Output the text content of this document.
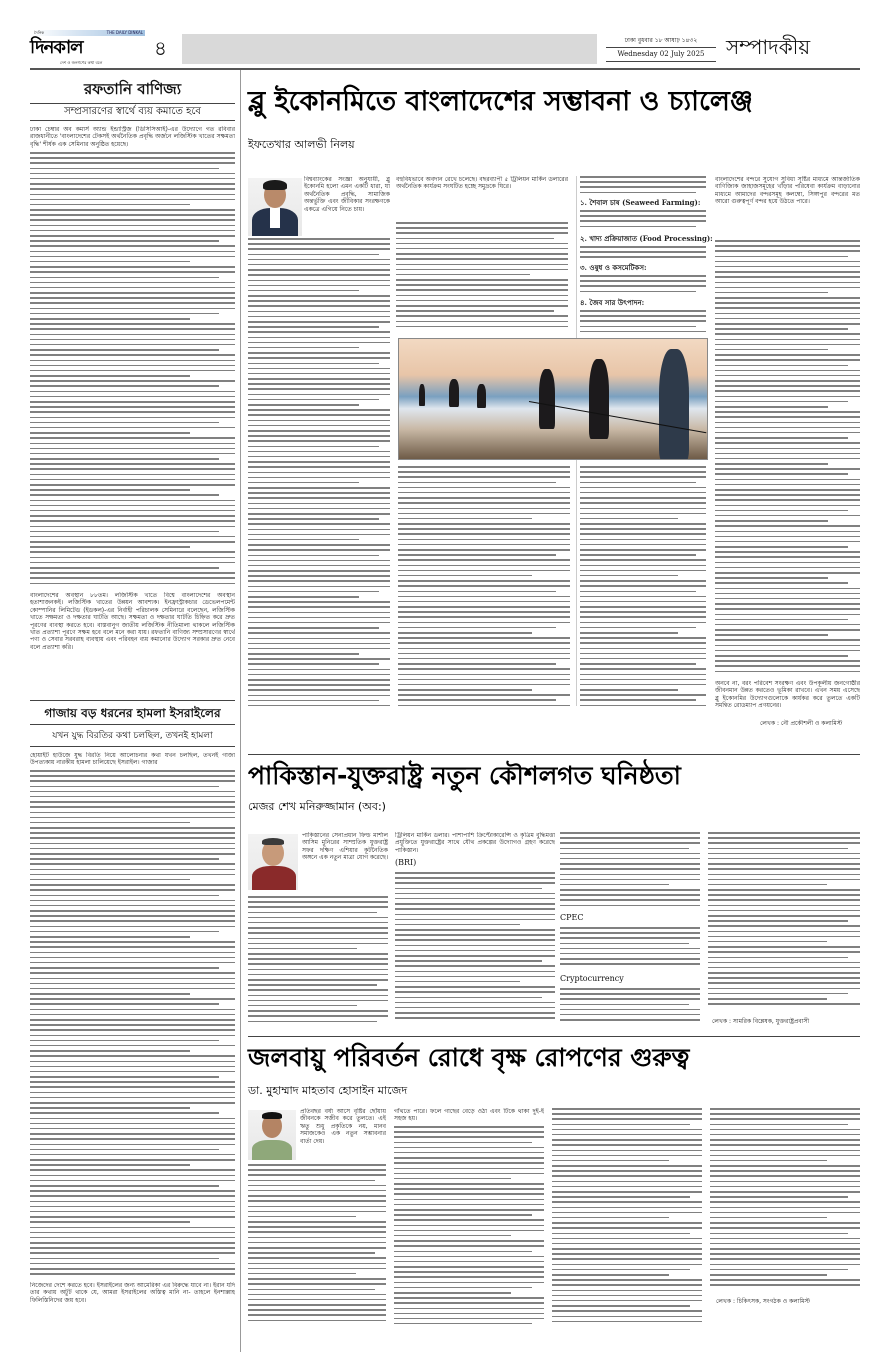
দৈনিক	THE DAILY DINKAL
দিনকাল
দেশ ও জনগণের কথা বলে
৪	ঢাকা বুধবার ১৮ আষাঢ় ১৪৩২
Wednesday 02 July 2025	সম্পাদকীয়
রফতানি বাণিজ্য
সম্প্রসারণের স্বার্থে ব্যয় কমাতে হবে
ঢাকা চেম্বার অব কমার্স অ্যান্ড ইন্ডাস্ট্রিজ (ডিসিসিআই)-এর উদ্যোগে গত রবিবার রাজধানীতে 'বাংলাদেশের টেকসই অর্থনৈতিক প্রবৃদ্ধি অর্জনে লজিস্টিক খাতের সক্ষমতা বৃদ্ধি' শীর্ষক এক সেমিনার অনুষ্ঠিত হয়েছে।
বাংলাদেশের অবস্থান ৮৮তম। লজিস্টিক খাতে বিশ্বে বাংলাদেশের অবস্থান হতাশাজনকই। লজিস্টিক খাতের উন্নয়ন আবশ্যক। ইনফ্রাস্ট্রাকচার ডেভেলপমেন্ট কোম্পানির লিমিটেড (ইডকল)-এর নির্বাহী পরিচালক সেমিনারে বলেছেন, লজিস্টিক খাতে সক্ষমতা ও দক্ষতার ঘাটতি আছে। সক্ষমতা ও দক্ষতার ঘাটতি চিহ্নিত করে দ্রুত পূরণের ব্যবস্থা করতে হবে। বাস্তবানুগ জাতীয় লজিস্টিক নীতিমালা থাকলে লজিস্টিক খাত প্রত্যাশা পূরণে সক্ষম হবে বলে মনে করা যায়। রফতানি বাণিজ্য সম্প্রসারণের স্বার্থে পণ্য ও সেবার সরবরাহ ব্যবস্থায় এবং পরিবহন ব্যয় কমানোর উদ্যোগ সরকার দ্রুত নেবে বলে প্রত্যাশা করি।
গাজায় বড় ধরনের হামলা ইসরাইলের
যখন যুদ্ধ বিরতির কথা চলছিল, তখনই হামলা
হোয়াইট হাউজে যুদ্ধ বিরতি নিয়ে আলোচনার কথা যখন চলছিল, তখনই গাজা উপত্যকায় নারকীয় হামলা চালিয়েছে ইসরাইল। গাজার
নিজেদের দেশে করতে হবে। ইসরাইলের জন্য আমেরিকা এর বিরুদ্ধে যাবে না। ইরান যদি তার কথায় অটুট থাকে যে, আমরা ইসরাইলের অস্তিত্ব মানি না- তাহলে ইনশাল্লাহ ফিলিস্তিনিদের জয় হবে।
ব্লু ইকোনমিতে বাংলাদেশের সম্ভাবনা ও চ্যালেঞ্জ
ইফতেখার আলভী নিলয়
বিশ্বব্যাংকের সংজ্ঞা অনুযায়ী, ব্লু ইকোনমি হলো এমন একটি ধারা, যা অর্থনৈতিক প্রবৃদ্ধি, সামাজিক অন্তর্ভুক্তি এবং জীবিকার সংরক্ষণকে একত্রে এগিয়ে নিতে চায়।
বহুবিধভাবে অবদান রেখে চলেছে। বছরব্যাপী ৫ ট্রিলিয়ন মার্কিন ডলারের অর্থনৈতিক কার্যক্রম সংঘটিত হচ্ছে সমুদ্রকে ঘিরে।
১. শৈবাল চাষ (Seaweed Farming):
২. খাদ্য প্রক্রিয়াজাত (Food Processing):
৩. ওষুধ ও কসমেটিকস:
৪. জৈব সার উৎপাদন:
বাংলাদেশের বন্দরে সুযোগ সুবিধা সৃষ্টির মাধ্যমে আন্তর্জাতিক বাণিজ্যিক জাহাজসমূহের খাঁড়ার পরিষেবা কার্যক্রম বাড়ানোর মাধ্যমে আমাদের বন্দরসমূহ কলম্বো, সিঙ্গাপুর বন্দরের মত আরো গুরুত্বপূর্ণ বন্দর হয়ে উঠতে পারে।
অনবে না, বরং পরিবেশ সংরক্ষণ এবং উপকূলীয় জনগোষ্ঠীর জীবনমান উন্নত করতেও ভূমিকা রাখবে। এখন সময় এসেছে ব্লু ইকোনমির উদ্যোগগুলোকে কার্যকর করে তুলতে একটি সমন্বিত রোডম্যাপ প্রণয়নের।
লেখক : নৌ প্রকৌশলী ও কলামিস্ট
পাকিস্তান-যুক্তরাষ্ট্র নতুন কৌশলগত ঘনিষ্ঠতা
মেজর শেখ মনিরুজ্জামান (অব:)
পাকিস্তানের সেনাপ্রধান ফিল্ড মার্শাল আসিম মুনিরের সাম্প্রতিক যুক্তরাষ্ট্র সফর দক্ষিণ এশিয়ার কূটনৈতিক অঙ্গনে এক নতুন মাত্রা যোগ করেছে।
ট্রিলিয়ন মার্কিন ডলার। পাশাপাশি ক্রিপ্টোকারেন্সি ও কৃত্রিম বুদ্ধিমত্তা প্রযুক্তিতে যুক্তরাষ্ট্রের সাথে যৌথ প্রকল্পের উদ্যোগও গ্রহণ করেছে পাকিস্তান।
(BRI)
CPEC
Cryptocurrency
লেখক : সামরিক বিশ্লেষক, যুক্তরাষ্ট্রপ্রবাসী
জলবায়ু পরিবর্তন রোধে বৃক্ষ রোপণের গুরুত্ব
ডা. মুহাম্মাদ মাহতাব হোসাইন মাজেদ
প্রতিবছর বর্ষা আসে বৃষ্টির ছোঁয়ায় জীবনকে সজীব করে তুলতে। এই ঋতু শুধু প্রকৃতিকে নয়, মানব সমাজকেও এক নতুন সম্ভাবনার বার্তা দেয়।
গাঁথতে পারে। ফলে গাছের বেড়ে ওঠা এবং টিকে থাকা দুই-ই সহজ হয়।
লেখক : চিকিৎসক, সংগঠক ও কলামিস্ট
